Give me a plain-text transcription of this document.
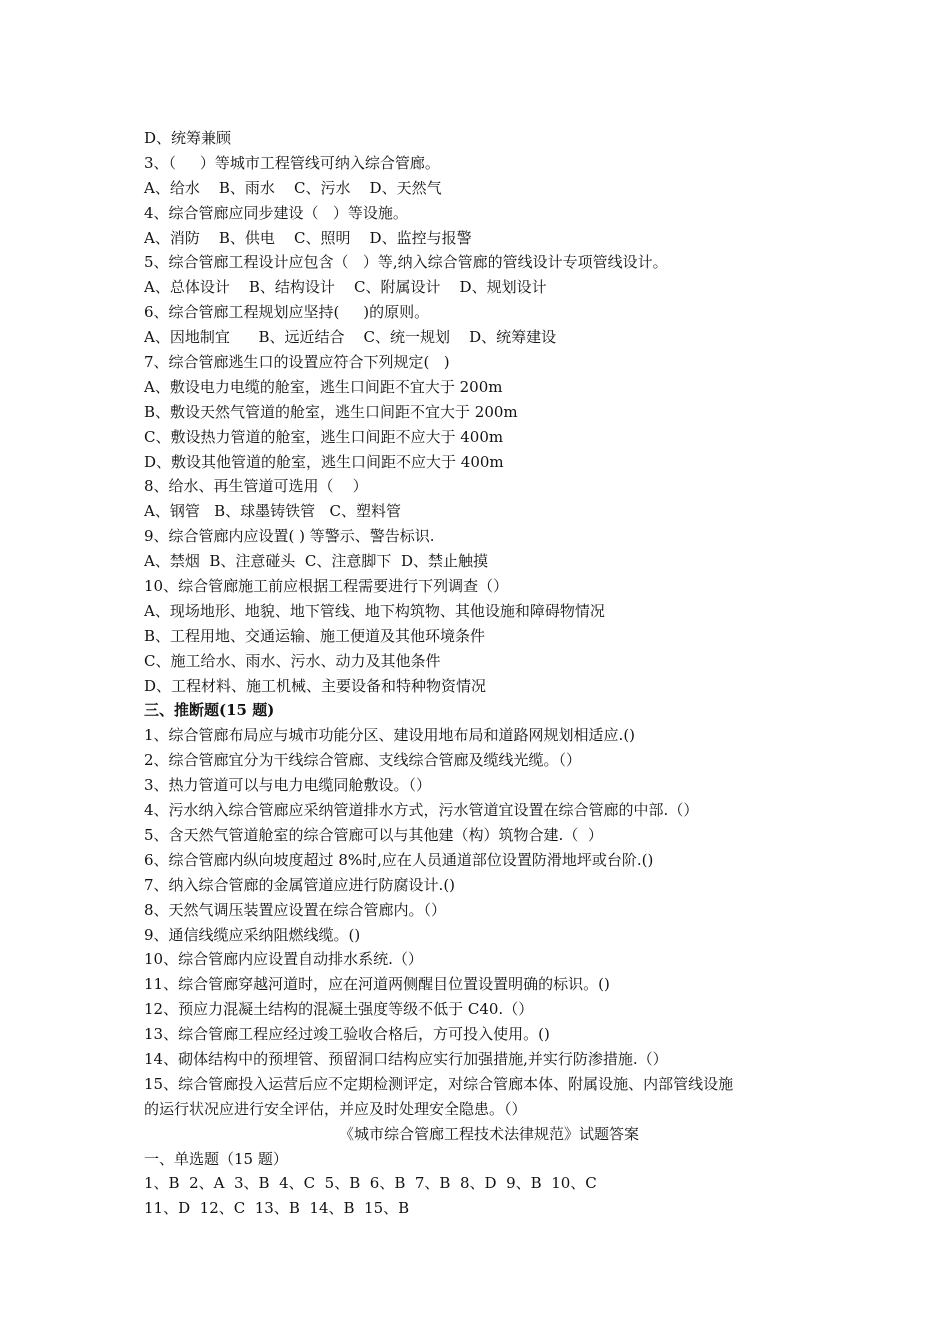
D、统筹兼顾
3、（     ）等城市工程管线可纳入综合管廊。
A、给水    B、雨水    C、污水    D、天然气
4、综合管廊应同步建设（   ）等设施。
A、消防    B、供电    C、照明    D、监控与报警
5、综合管廊工程设计应包含（   ）等,纳入综合管廊的管线设计专项管线设计。
A、总体设计    B、结构设计    C、附属设计    D、规划设计
6、综合管廊工程规划应坚持(     )的原则。
A、因地制宜      B、远近结合    C、统一规划    D、统筹建设
7、综合管廊逃生口的设置应符合下列规定(   )
A、敷设电力电缆的舱室，逃生口间距不宜大于 200m
B、敷设天然气管道的舱室，逃生口间距不宜大于 200m
C、敷设热力管道的舱室，逃生口间距不应大于 400m
D、敷设其他管道的舱室，逃生口间距不应大于 400m
8、给水、再生管道可选用（    ）
A、钢管   B、球墨铸铁管   C、塑料管
9、综合管廊内应设置( ) 等警示、警告标识.
A、禁烟  B、注意碰头  C、注意脚下  D、禁止触摸
10、综合管廊施工前应根据工程需要进行下列调查（）
A、现场地形、地貌、地下管线、地下构筑物、其他设施和障碍物情况
B、工程用地、交通运输、施工便道及其他环境条件
C、施工给水、雨水、污水、动力及其他条件
D、工程材料、施工机械、主要设备和特种物资情况
三、推断题(15 题)
1、综合管廊布局应与城市功能分区、建设用地布局和道路网规划相适应.()
2、综合管廊宜分为干线综合管廊、支线综合管廊及缆线光缆。（）
3、热力管道可以与电力电缆同舱敷设。（）
4、污水纳入综合管廊应采纳管道排水方式，污水管道宜设置在综合管廊的中部.（）
5、含天然气管道舱室的综合管廊可以与其他建（构）筑物合建.（  ）
6、综合管廊内纵向坡度超过 8%时,应在人员通道部位设置防滑地坪或台阶.()
7、纳入综合管廊的金属管道应进行防腐设计.()
8、天然气调压装置应设置在综合管廊内。（）
9、通信线缆应采纳阻燃线缆。()
10、综合管廊内应设置自动排水系统.（）
11、综合管廊穿越河道时，应在河道两侧醒目位置设置明确的标识。()
12、预应力混凝土结构的混凝土强度等级不低于 C40.（）
13、综合管廊工程应经过竣工验收合格后，方可投入使用。()
14、砌体结构中的预埋管、预留洞口结构应实行加强措施,并实行防渗措施.（）
15、综合管廊投入运营后应不定期检测评定，对综合管廊本体、附属设施、内部管线设施
的运行状况应进行安全评估，并应及时处理安全隐患。（）
《城市综合管廊工程技术法律规范》试题答案
一、单选题（15 题）
1、B  2、A  3、B  4、C  5、B  6、B  7、B  8、D  9、B  10、C
11、D  12、C  13、B  14、B  15、B
